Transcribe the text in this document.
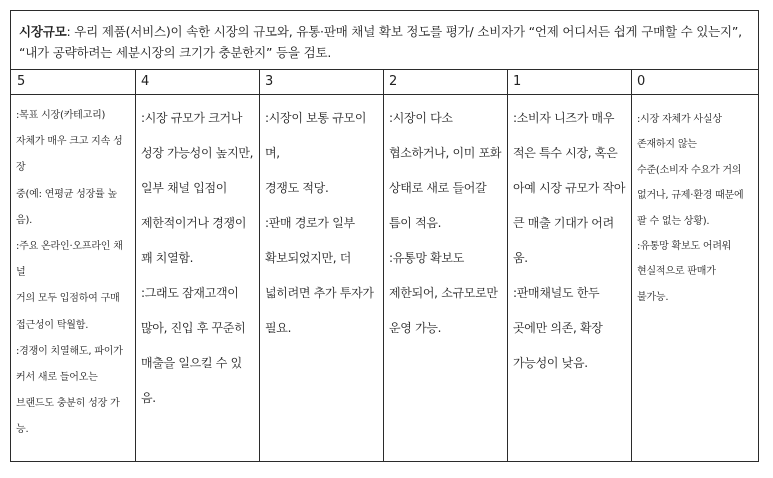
시장규모: 우리 제품(서비스)이 속한 시장의 규모와, 유통·판매 채널 확보 정도를 평가/ 소비자가 “언제 어디서든 쉽게 구매할 수 있는지”, “내가 공략하려는 세분시장의 크기가 충분한지” 등을 검토.
5	4	3	2	1	0

:목표 시장(카테고리)
자체가 매우 크고 지속 성장
중(예: 연평균 성장률 높음).
:주요 온라인·오프라인 채널
거의 모두 입점하여 구매
접근성이 탁월함.
:경쟁이 치열해도, 파이가
커서 새로 들어오는
브랜드도 충분히 성장 가능.

:시장 규모가 크거나
성장 가능성이 높지만,
일부 채널 입점이
제한적이거나 경쟁이
꽤 치열함.
:그래도 잠재고객이
많아, 진입 후 꾸준히
매출을 일으킬 수 있음.

:시장이 보통 규모이며,
경쟁도 적당.
:판매 경로가 일부
확보되었지만, 더
넓히려면 추가 투자가
필요.

:시장이 다소
협소하거나, 이미 포화
상태로 새로 들어갈
틈이 적음.
:유통망 확보도
제한되어, 소규모로만
운영 가능.

:소비자 니즈가 매우
적은 특수 시장, 혹은
아예 시장 규모가 작아
큰 매출 기대가 어려움.
:판매채널도 한두
곳에만 의존, 확장
가능성이 낮음.

:시장 자체가 사실상
존재하지 않는
수준(소비자 수요가 거의
없거나, 규제·환경 때문에
팔 수 없는 상황).
:유통망 확보도 어려워
현실적으로 판매가
불가능.
